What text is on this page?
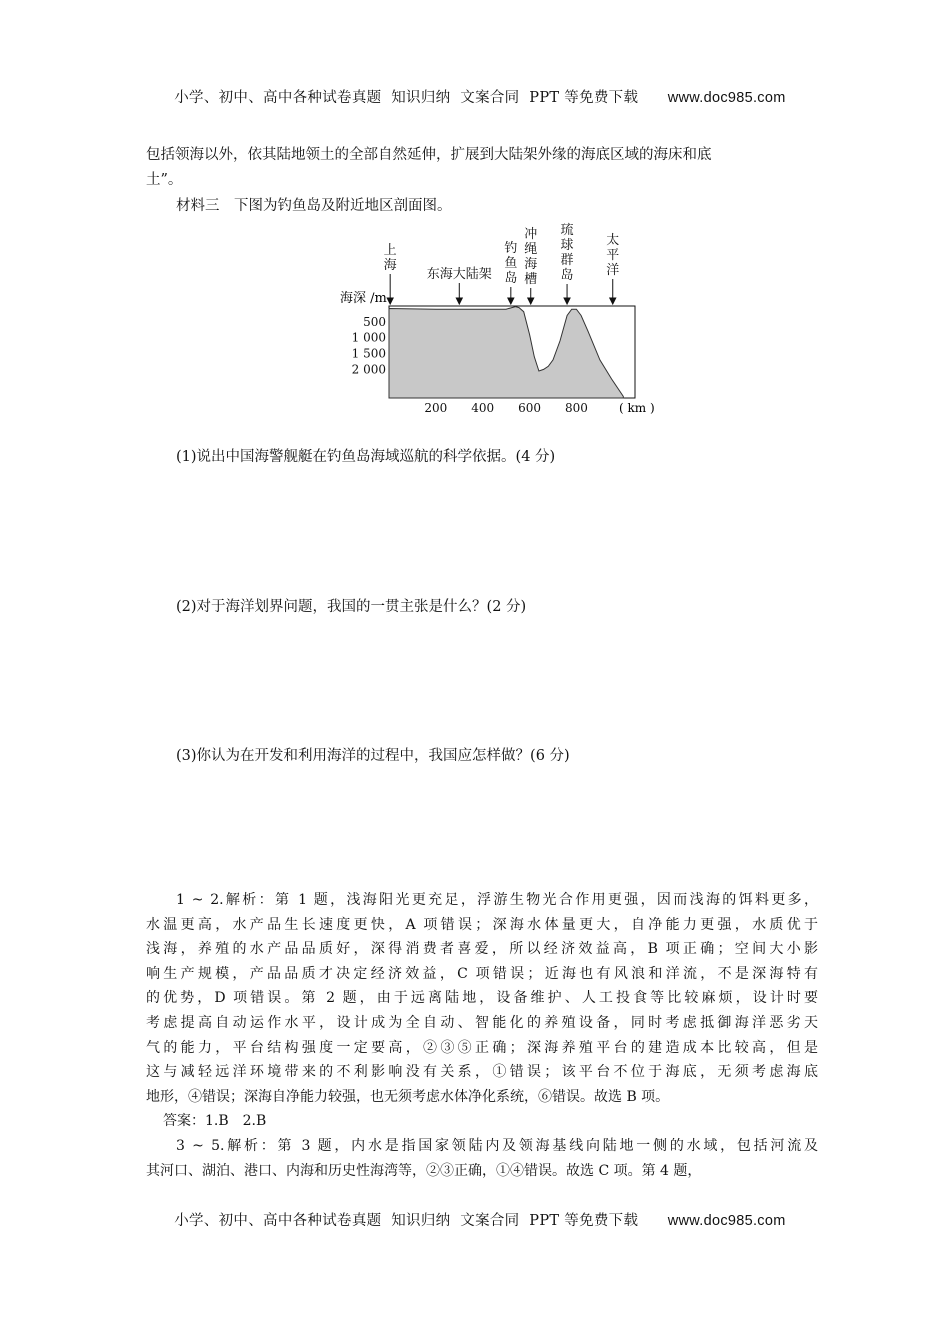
小学、初中、高中各种试卷真题  知识归纳  文案合同  PPT 等免费下载 www.doc985.com

包括领海以外，依其陆地领土的全部自然延伸，扩展到大陆架外缘的海底区域的海床和底
土”。
材料三　下图为钓鱼岛及附近地区剖面图。
上
海
钓
鱼
岛
冲
绳
海
槽
琉
球
群
岛
太
平
洋
东海大陆架
海深 /m
500
1 000
1 500
2 000
200 400 600 800	( km )
(1)说出中国海警舰艇在钓鱼岛海域巡航的科学依据。(4 分)
(2)对于海洋划界问题，我国的一贯主张是什么？(2 分)
(3)你认为在开发和利用海洋的过程中，我国应怎样做？(6 分)
1 ~ 2.解析：第 1 题，浅海阳光更充足，浮游生物光合作用更强，因而浅海的饵料更多，
水温更高，水产品生长速度更快，A 项错误；深海水体量更大，自净能力更强，水质优于
浅海，养殖的水产品品质好，深得消费者喜爱，所以经济效益高，B 项正确；空间大小影
响生产规模，产品品质才决定经济效益，C 项错误；近海也有风浪和洋流，不是深海特有
的优势，D 项错误。第 2 题，由于远离陆地，设备维护、人工投食等比较麻烦，设计时要
考虑提高自动运作水平，设计成为全自动、智能化的养殖设备，同时考虑抵御海洋恶劣天
气的能力，平台结构强度一定要高，②③⑤正确；深海养殖平台的建造成本比较高，但是
这与减轻远洋环境带来的不利影响没有关系，①错误；该平台不位于海底，无须考虑海底
地形，④错误；深海自净能力较强，也无须考虑水体净化系统，⑥错误。故选 B 项。
答案：1.B　2.B
3 ~ 5.解析：第 3 题，内水是指国家领陆内及领海基线向陆地一侧的水域，包括河流及
其河口、湖泊、港口、内海和历史性海湾等，②③正确，①④错误。故选 C 项。第 4 题，

小学、初中、高中各种试卷真题  知识归纳  文案合同  PPT 等免费下载 www.doc985.com
